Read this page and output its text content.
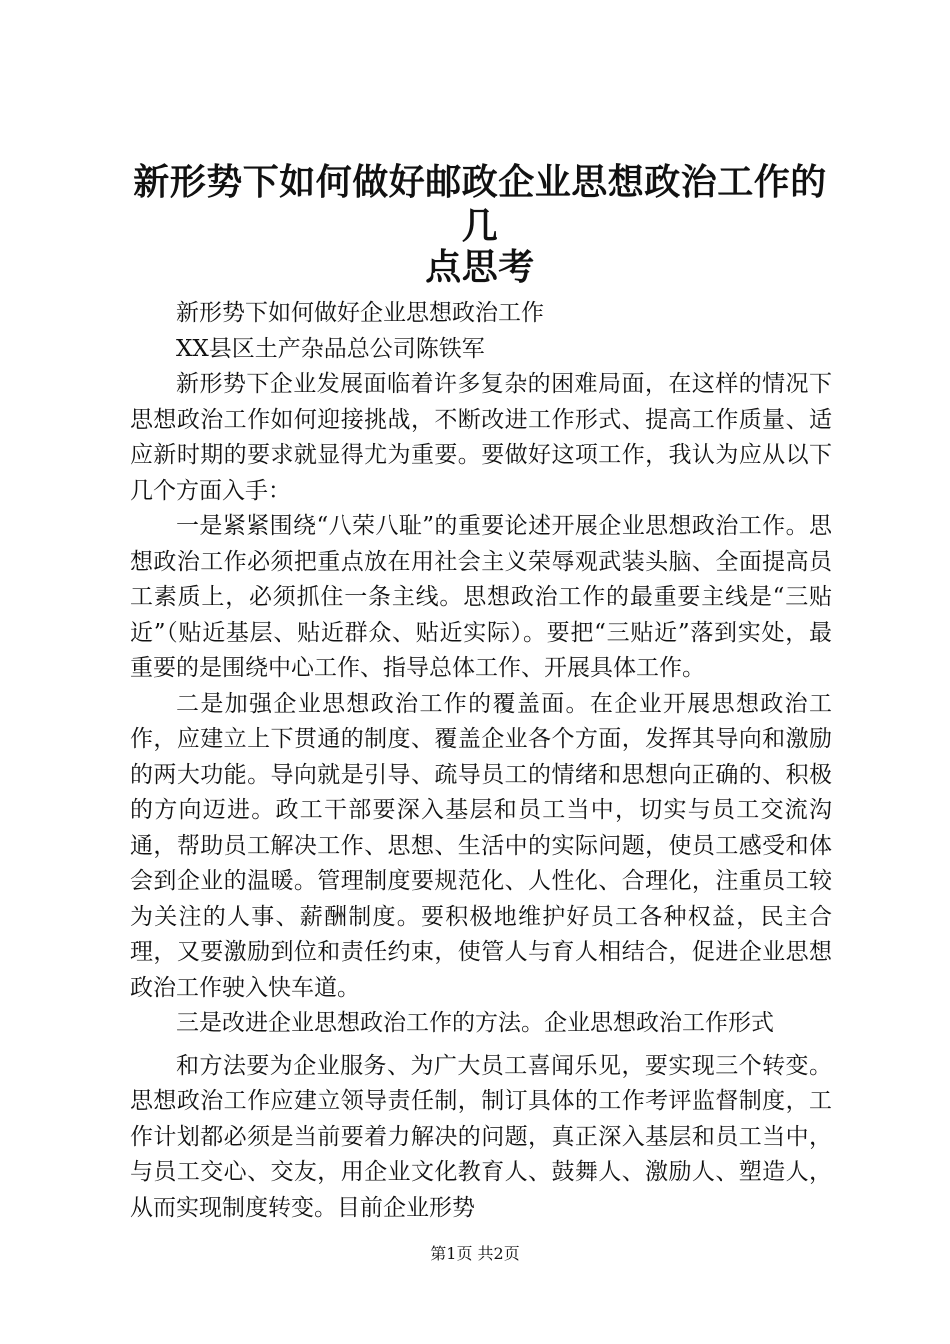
新形势下如何做好邮政企业思想政治工作的几
点思考

新形势下如何做好企业思想政治工作

XX县区土产杂品总公司陈铁军

新形势下企业发展面临着许多复杂的困难局面，在这样的情况下思想政治工作如何迎接挑战，不断改进工作形式、提高工作质量、适应新时期的要求就显得尤为重要。要做好这项工作，我认为应从以下几个方面入手：

一是紧紧围绕“八荣八耻”的重要论述开展企业思想政治工作。思想政治工作必须把重点放在用社会主义荣辱观武装头脑、全面提高员工素质上，必须抓住一条主线。思想政治工作的最重要主线是“三贴近”（贴近基层、贴近群众、贴近实际）。要把“三贴近”落到实处，最重要的是围绕中心工作、指导总体工作、开展具体工作。

二是加强企业思想政治工作的覆盖面。在企业开展思想政治工作，应建立上下贯通的制度、覆盖企业各个方面，发挥其导向和激励的两大功能。导向就是引导、疏导员工的情绪和思想向正确的、积极的方向迈进。政工干部要深入基层和员工当中，切实与员工交流沟通，帮助员工解决工作、思想、生活中的实际问题，使员工感受和体会到企业的温暖。管理制度要规范化、人性化、合理化，注重员工较为关注的人事、薪酬制度。要积极地维护好员工各种权益，民主合理，又要激励到位和责任约束，使管人与育人相结合，促进企业思想政治工作驶入快车道。

三是改进企业思想政治工作的方法。企业思想政治工作形式

和方法要为企业服务、为广大员工喜闻乐见，要实现三个转变。思想政治工作应建立领导责任制，制订具体的工作考评监督制度，工作计划都必须是当前要着力解决的问题，真正深入基层和员工当中，与员工交心、交友，用企业文化教育人、鼓舞人、激励人、塑造人，从而实现制度转变。目前企业形势

第1页 共2页
